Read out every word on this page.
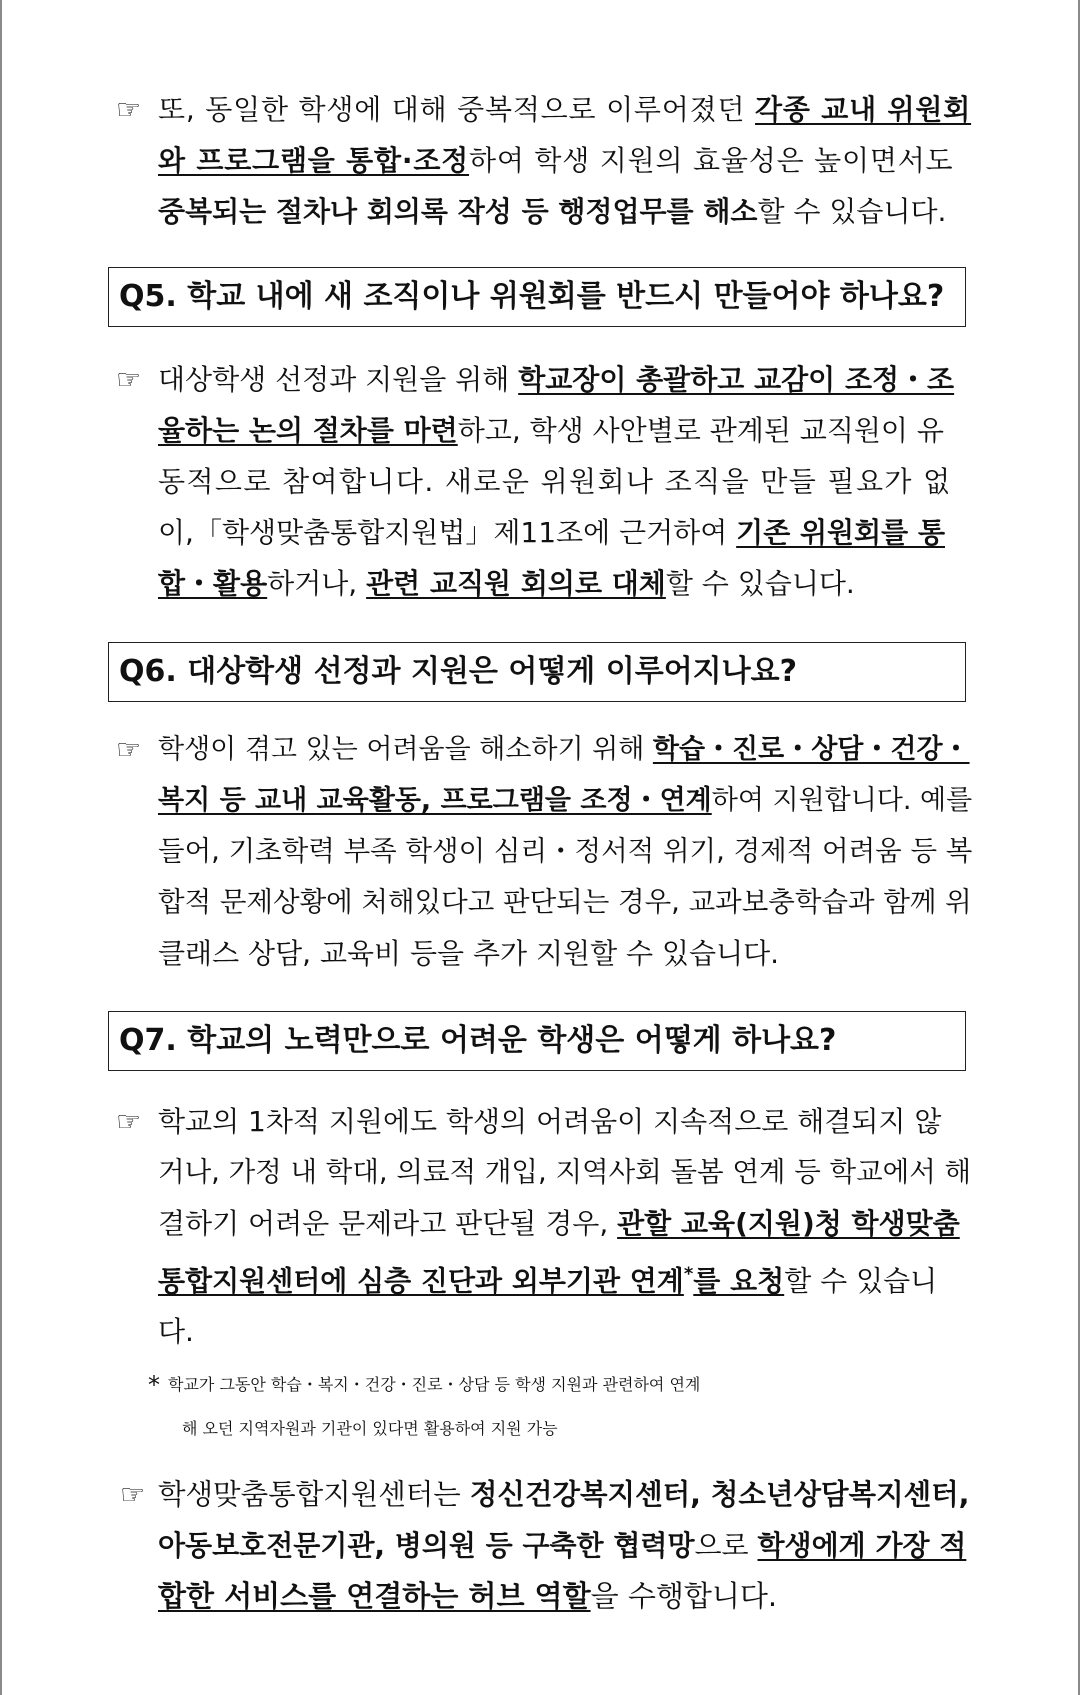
☞ 또, 동일한 학생에 대해 중복적으로 이루어졌던 각종 교내 위원회
와 프로그램을 통합·조정하여 학생 지원의 효율성은 높이면서도
중복되는 절차나 회의록 작성 등 행정업무를 해소할 수 있습니다.
Q5. 학교 내에 새 조직이나 위원회를 반드시 만들어야 하나요?
☞ 대상학생 선정과 지원을 위해 학교장이 총괄하고 교감이 조정・조
율하는 논의 절차를 마련하고, 학생 사안별로 관계된 교직원이 유
동적으로 참여합니다. 새로운 위원회나 조직을 만들 필요가 없
이,「학생맞춤통합지원법」제11조에 근거하여 기존 위원회를 통
합・활용하거나, 관련 교직원 회의로 대체할 수 있습니다.
Q6. 대상학생 선정과 지원은 어떻게 이루어지나요?
☞ 학생이 겪고 있는 어려움을 해소하기 위해 학습・진로・상담・건강・
복지 등 교내 교육활동, 프로그램을 조정・연계하여 지원합니다. 예를
들어, 기초학력 부족 학생이 심리・정서적 위기, 경제적 어려움 등 복
합적 문제상황에 처해있다고 판단되는 경우, 교과보충학습과 함께 위
클래스 상담, 교육비 등을 추가 지원할 수 있습니다.
Q7. 학교의 노력만으로 어려운 학생은 어떻게 하나요?
☞ 학교의 1차적 지원에도 학생의 어려움이 지속적으로 해결되지 않
거나, 가정 내 학대, 의료적 개입, 지역사회 돌봄 연계 등 학교에서 해
결하기 어려운 문제라고 판단될 경우, 관할 교육(지원)청 학생맞춤
통합지원센터에 심층 진단과 외부기관 연계*를 요청할 수 있습니
다.
* 학교가 그동안 학습・복지・건강・진로・상담 등 학생 지원과 관련하여 연계
해 오던 지역자원과 기관이 있다면 활용하여 지원 가능
☞ 학생맞춤통합지원센터는 정신건강복지센터, 청소년상담복지센터,
아동보호전문기관, 병의원 등 구축한 협력망으로 학생에게 가장 적
합한 서비스를 연결하는 허브 역할을 수행합니다.
